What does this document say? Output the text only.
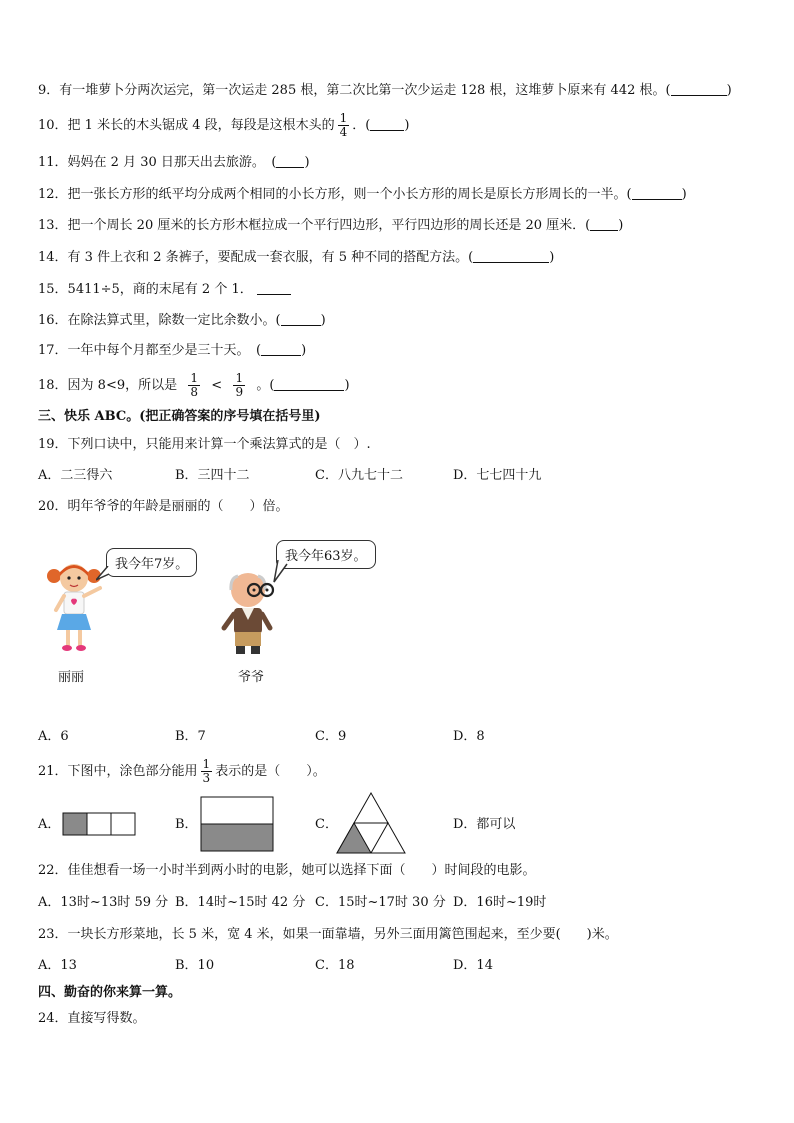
9．有一堆萝卜分两次运完，第一次运走 285 根，第二次比第一次少运走 128 根，这堆萝卜原来有 442 根。(	)
10．把 1 米长的木头锯成 4 段，每段是这根木头的 $\frac{1}{4}$ ．(	)
11．妈妈在 2 月 30 日那天出去旅游。　( )
12．把一张长方形的纸平均分成两个相同的小长方形，则一个小长方形的周长是原长方形周长的一半。(	)
13．把一个周长 20 厘米的长方形木框拉成一个平行四边形，平行四边形的周长还是 20 厘米．( )
14．有 3 件上衣和 2 条裤子，要配成一套衣服，有 5 种不同的搭配方法。(	)
15．5411÷5，商的末尾有 2 个 1．
16．在除法算式里，除数一定比余数小。(	)
17．一年中每个月都至少是三十天。　(	)
18．因为 8<9，所以是 $\frac{1}{8} < \frac{1}{9}$ 。(	)
三、快乐 ABC。(把正确答案的序号填在括号里)
19．下列口诀中，只能用来计算一个乘法算式的是（　）.
A．二三得六	B．三四十二	C．八九七十二	D．七七四十九
20．明年爷爷的年龄是丽丽的（　　）倍。
我今年7岁。
丽丽
我今年63岁。
爷爷
A．6	B．7	C．9	D．8
21．下图中，涂色部分能用 $\frac{1}{3}$ 表示的是（　　）。
A．	B．	C．	D．都可以
22．佳佳想看一场一小时半到两小时的电影，她可以选择下面（　　）时间段的电影。
A．13时~13时 59 分 B．14时~15时 42 分 C．15时~17时 30 分 D．16时~19时
23．一块长方形菜地，长 5 米，宽 4 米，如果一面靠墙，另外三面用篱笆围起来，至少要(　　)米。
A．13	B．10	C．18	D．14
四、勤奋的你来算一算。
24．直接写得数。
